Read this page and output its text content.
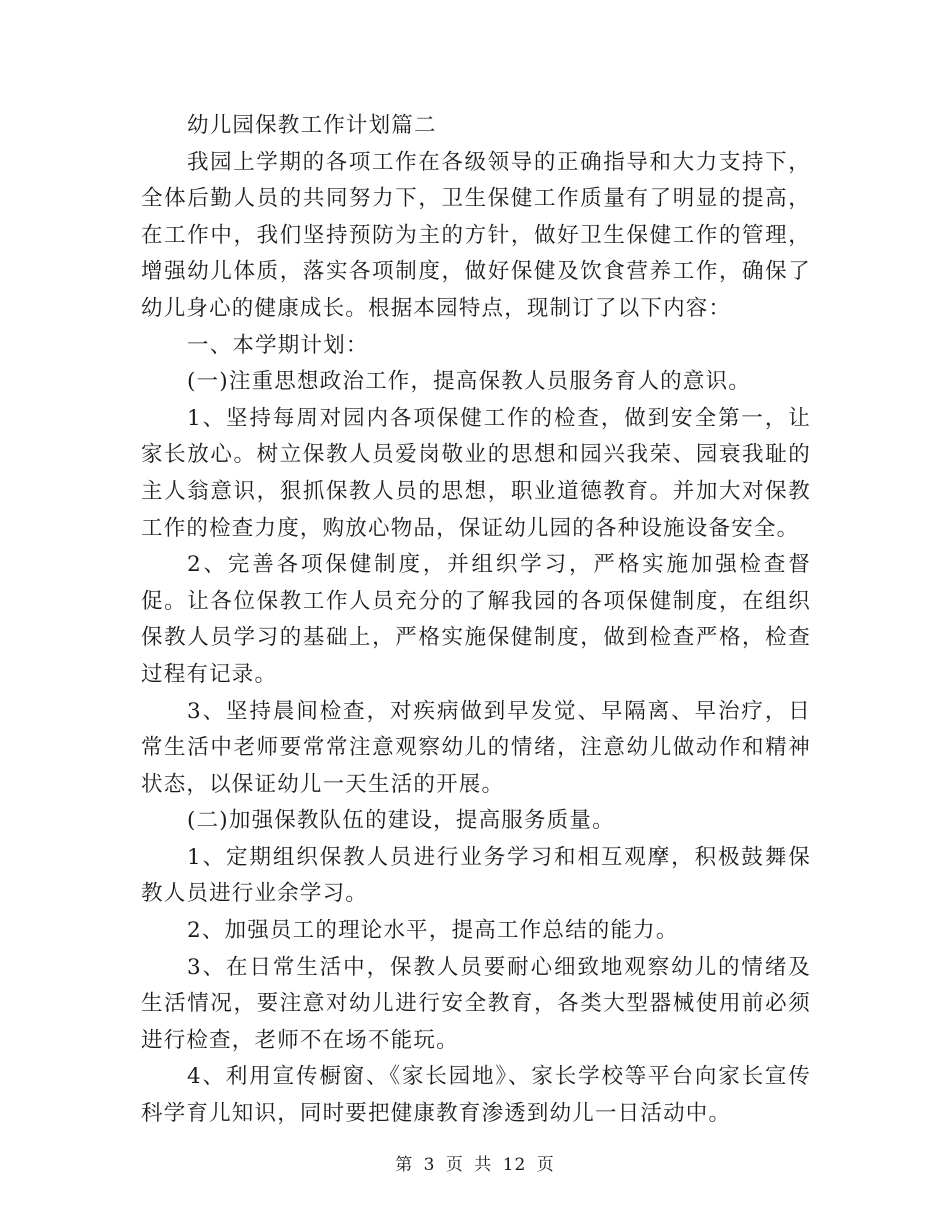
幼儿园保教工作计划篇二

我园上学期的各项工作在各级领导的正确指导和大力支持下，全体后勤人员的共同努力下，卫生保健工作质量有了明显的提高，在工作中，我们坚持预防为主的方针，做好卫生保健工作的管理，增强幼儿体质，落实各项制度，做好保健及饮食营养工作，确保了幼儿身心的健康成长。根据本园特点，现制订了以下内容：

一、本学期计划：

(一)注重思想政治工作，提高保教人员服务育人的意识。

1、坚持每周对园内各项保健工作的检查，做到安全第一，让家长放心。树立保教人员爱岗敬业的思想和园兴我荣、园衰我耻的主人翁意识，狠抓保教人员的思想，职业道德教育。并加大对保教工作的检查力度，购放心物品，保证幼儿园的各种设施设备安全。

2、完善各项保健制度，并组织学习，严格实施加强检查督促。让各位保教工作人员充分的了解我园的各项保健制度，在组织保教人员学习的基础上，严格实施保健制度，做到检查严格，检查过程有记录。

3、坚持晨间检查，对疾病做到早发觉、早隔离、早治疗，日常生活中老师要常常注意观察幼儿的情绪，注意幼儿做动作和精神状态，以保证幼儿一天生活的开展。

(二)加强保教队伍的建设，提高服务质量。

1、定期组织保教人员进行业务学习和相互观摩，积极鼓舞保教人员进行业余学习。

2、加强员工的理论水平，提高工作总结的能力。

3、在日常生活中，保教人员要耐心细致地观察幼儿的情绪及生活情况，要注意对幼儿进行安全教育，各类大型器械使用前必须进行检查，老师不在场不能玩。

4、利用宣传橱窗、《家长园地》、家长学校等平台向家长宣传科学育儿知识，同时要把健康教育渗透到幼儿一日活动中。

第 3 页 共 12 页
